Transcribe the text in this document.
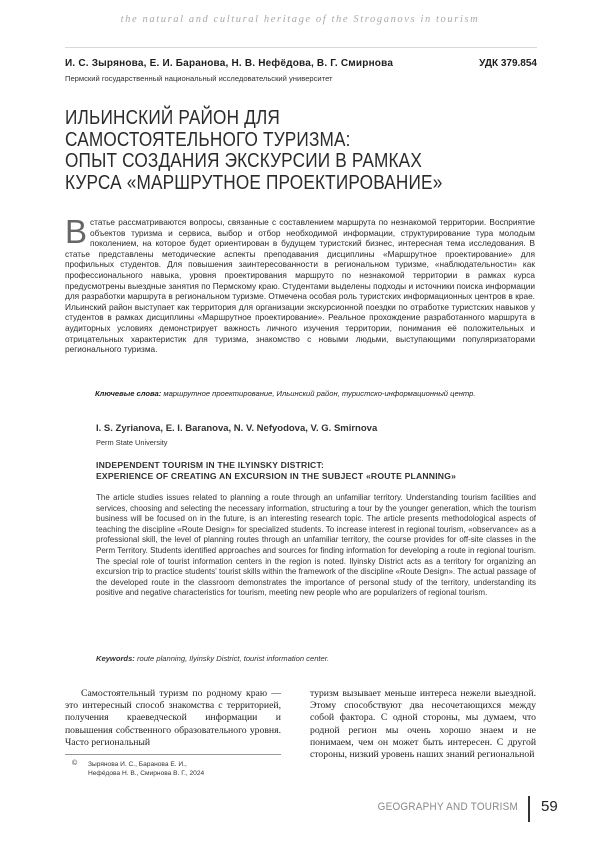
the natural and cultural heritage of the Stroganovs in tourism
И. С. Зырянова, Е. И. Баранова, Н. В. Нефёдова, В. Г. Смирнова	УДК 379.854
Пермский государственный национальный исследовательский университет
ИЛЬИНСКИЙ РАЙОН ДЛЯ
САМОСТОЯТЕЛЬНОГО ТУРИЗМА:
ОПЫТ СОЗДАНИЯ ЭКСКУРСИИ В РАМКАХ
КУРСА «МАРШРУТНОЕ ПРОЕКТИРОВАНИЕ»
В статье рассматриваются вопросы, связанные с составлением маршрута по незнакомой территории. Восприятие объектов туризма и сервиса, выбор и отбор необходимой информации, структурирование тура молодым поколением, на которое будет ориентирован в будущем туристский бизнес, интересная тема исследования. В статье представлены методические аспекты преподавания дисциплины «Маршрутное проектирование» для профильных студентов. Для повышения заинтересованности в региональном туризме, «наблюдательности» как профессионального навыка, уровня проектирования маршруто по незнакомой территории в рамках курса предусмотрены выездные занятия по Пермскому краю. Студентами выделены подходы и источники поиска информации для разработки маршрута в региональном туризме. Отмечена особая роль туристских информационных центров в крае. Ильинский район выступает как территория для организации экскурсионной поездки по отработке туристских навыков у студентов в рамках дисциплины «Маршрутное проектирование». Реальное прохождение разработанного маршрута в аудиторных условиях демонстрирует важность личного изучения территории, понимания её положительных и отрицательных характеристик для туризма, знакомство с новыми людьми, выступающими популяризаторами регионального туризма.
Ключевые слова: маршрутное проектирование, Ильинский район, туристско-информационный центр.
I. S. Zyrianova, E. I. Baranova, N. V. Nefyodova, V. G. Smirnova
Perm State University
INDEPENDENT TOURISM IN THE ILYINSKY DISTRICT:
EXPERIENCE OF CREATING AN EXCURSION IN THE SUBJECT «ROUTE PLANNING»
The article studies issues related to planning a route through an unfamiliar territory. Understanding tourism facilities and services, choosing and selecting the necessary information, structuring a tour by the younger generation, which the tourism business will be focused on in the future, is an interesting research topic. The article presents methodological aspects of teaching the discipline «Route Design» for specialized students. To increase interest in regional tourism, «observance» as a professional skill, the level of planning routes through an unfamiliar territory, the course provides for off-site classes in the Perm Territory. Students identified approaches and sources for finding information for developing a route in regional tourism. The special role of tourist information centers in the region is noted. Ilyinsky District acts as a territory for organizing an excursion trip to practice students' tourist skills within the framework of the discipline «Route Design». The actual passage of the developed route in the classroom demonstrates the importance of personal study of the territory, understanding its positive and negative characteristics for tourism, meeting new people who are popularizers of regional tourism.
Keywords: route planning, Ilyinsky District, tourist information center.

Самостоятельный туризм по родному краю — это интересный способ знакомства с территорией, получения краеведческой информации и повышения собственного образовательного уровня. Часто региональный

туризм вызывает меньше интереса нежели выездной. Этому способствуют два несочетающихся между собой фактора. С одной стороны, мы думаем, что родной регион мы очень хорошо знаем и не понимаем, чем он может быть интересен. С другой стороны, низкий уровень наших знаний региональной

© Зырянова И. С., Баранова Е. И.,
Нефёдова Н. В., Смирнова В. Г., 2024
GEOGRAPHY AND TOURISM 59
